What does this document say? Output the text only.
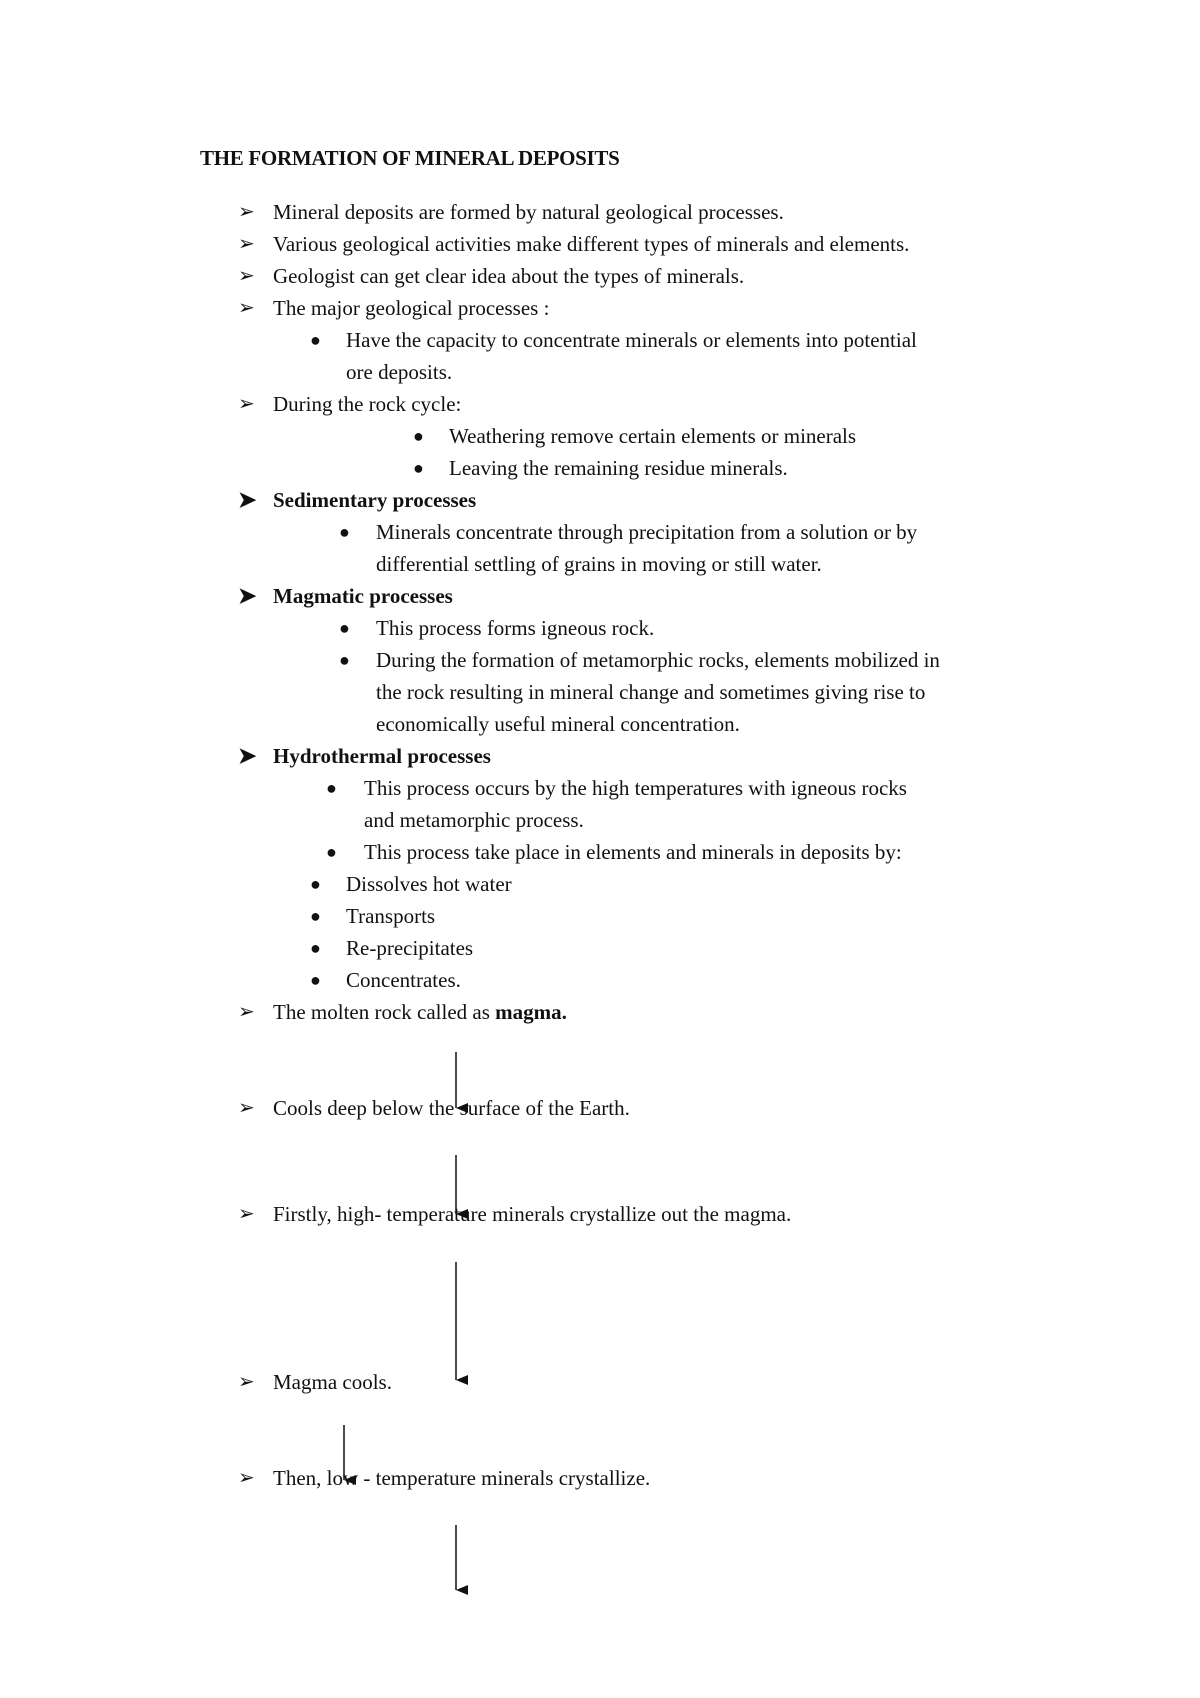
THE FORMATION OF MINERAL DEPOSITS
➢ Mineral deposits are formed by natural geological processes.
➢ Various geological activities make different types of minerals and elements.
➢ Geologist can get clear idea about the types of minerals.
➢ The major geological processes :
● Have the capacity to concentrate minerals or elements into potential
ore deposits.
➢ During the rock cycle:
● Weathering remove certain elements or minerals
● Leaving the remaining residue minerals.
➤ Sedimentary processes
● Minerals concentrate through precipitation from a solution or by
differential settling of grains in moving or still water.
➤ Magmatic processes
● This process forms igneous rock.
● During the formation of metamorphic rocks, elements mobilized in
the rock resulting in mineral change and sometimes giving rise to
economically useful mineral concentration.
➤ Hydrothermal processes
● This process occurs by the high temperatures with igneous rocks
and metamorphic process.
● This process take place in elements and minerals in deposits by:
● Dissolves hot water
● Transports
● Re-precipitates
● Concentrates.
➢ The molten rock called as magma.
➢ Cools deep below the surface of the Earth.
➢ Firstly, high- temperature minerals crystallize out the magma.
➢ Magma cools.
➢ Then, low - temperature minerals crystallize.
